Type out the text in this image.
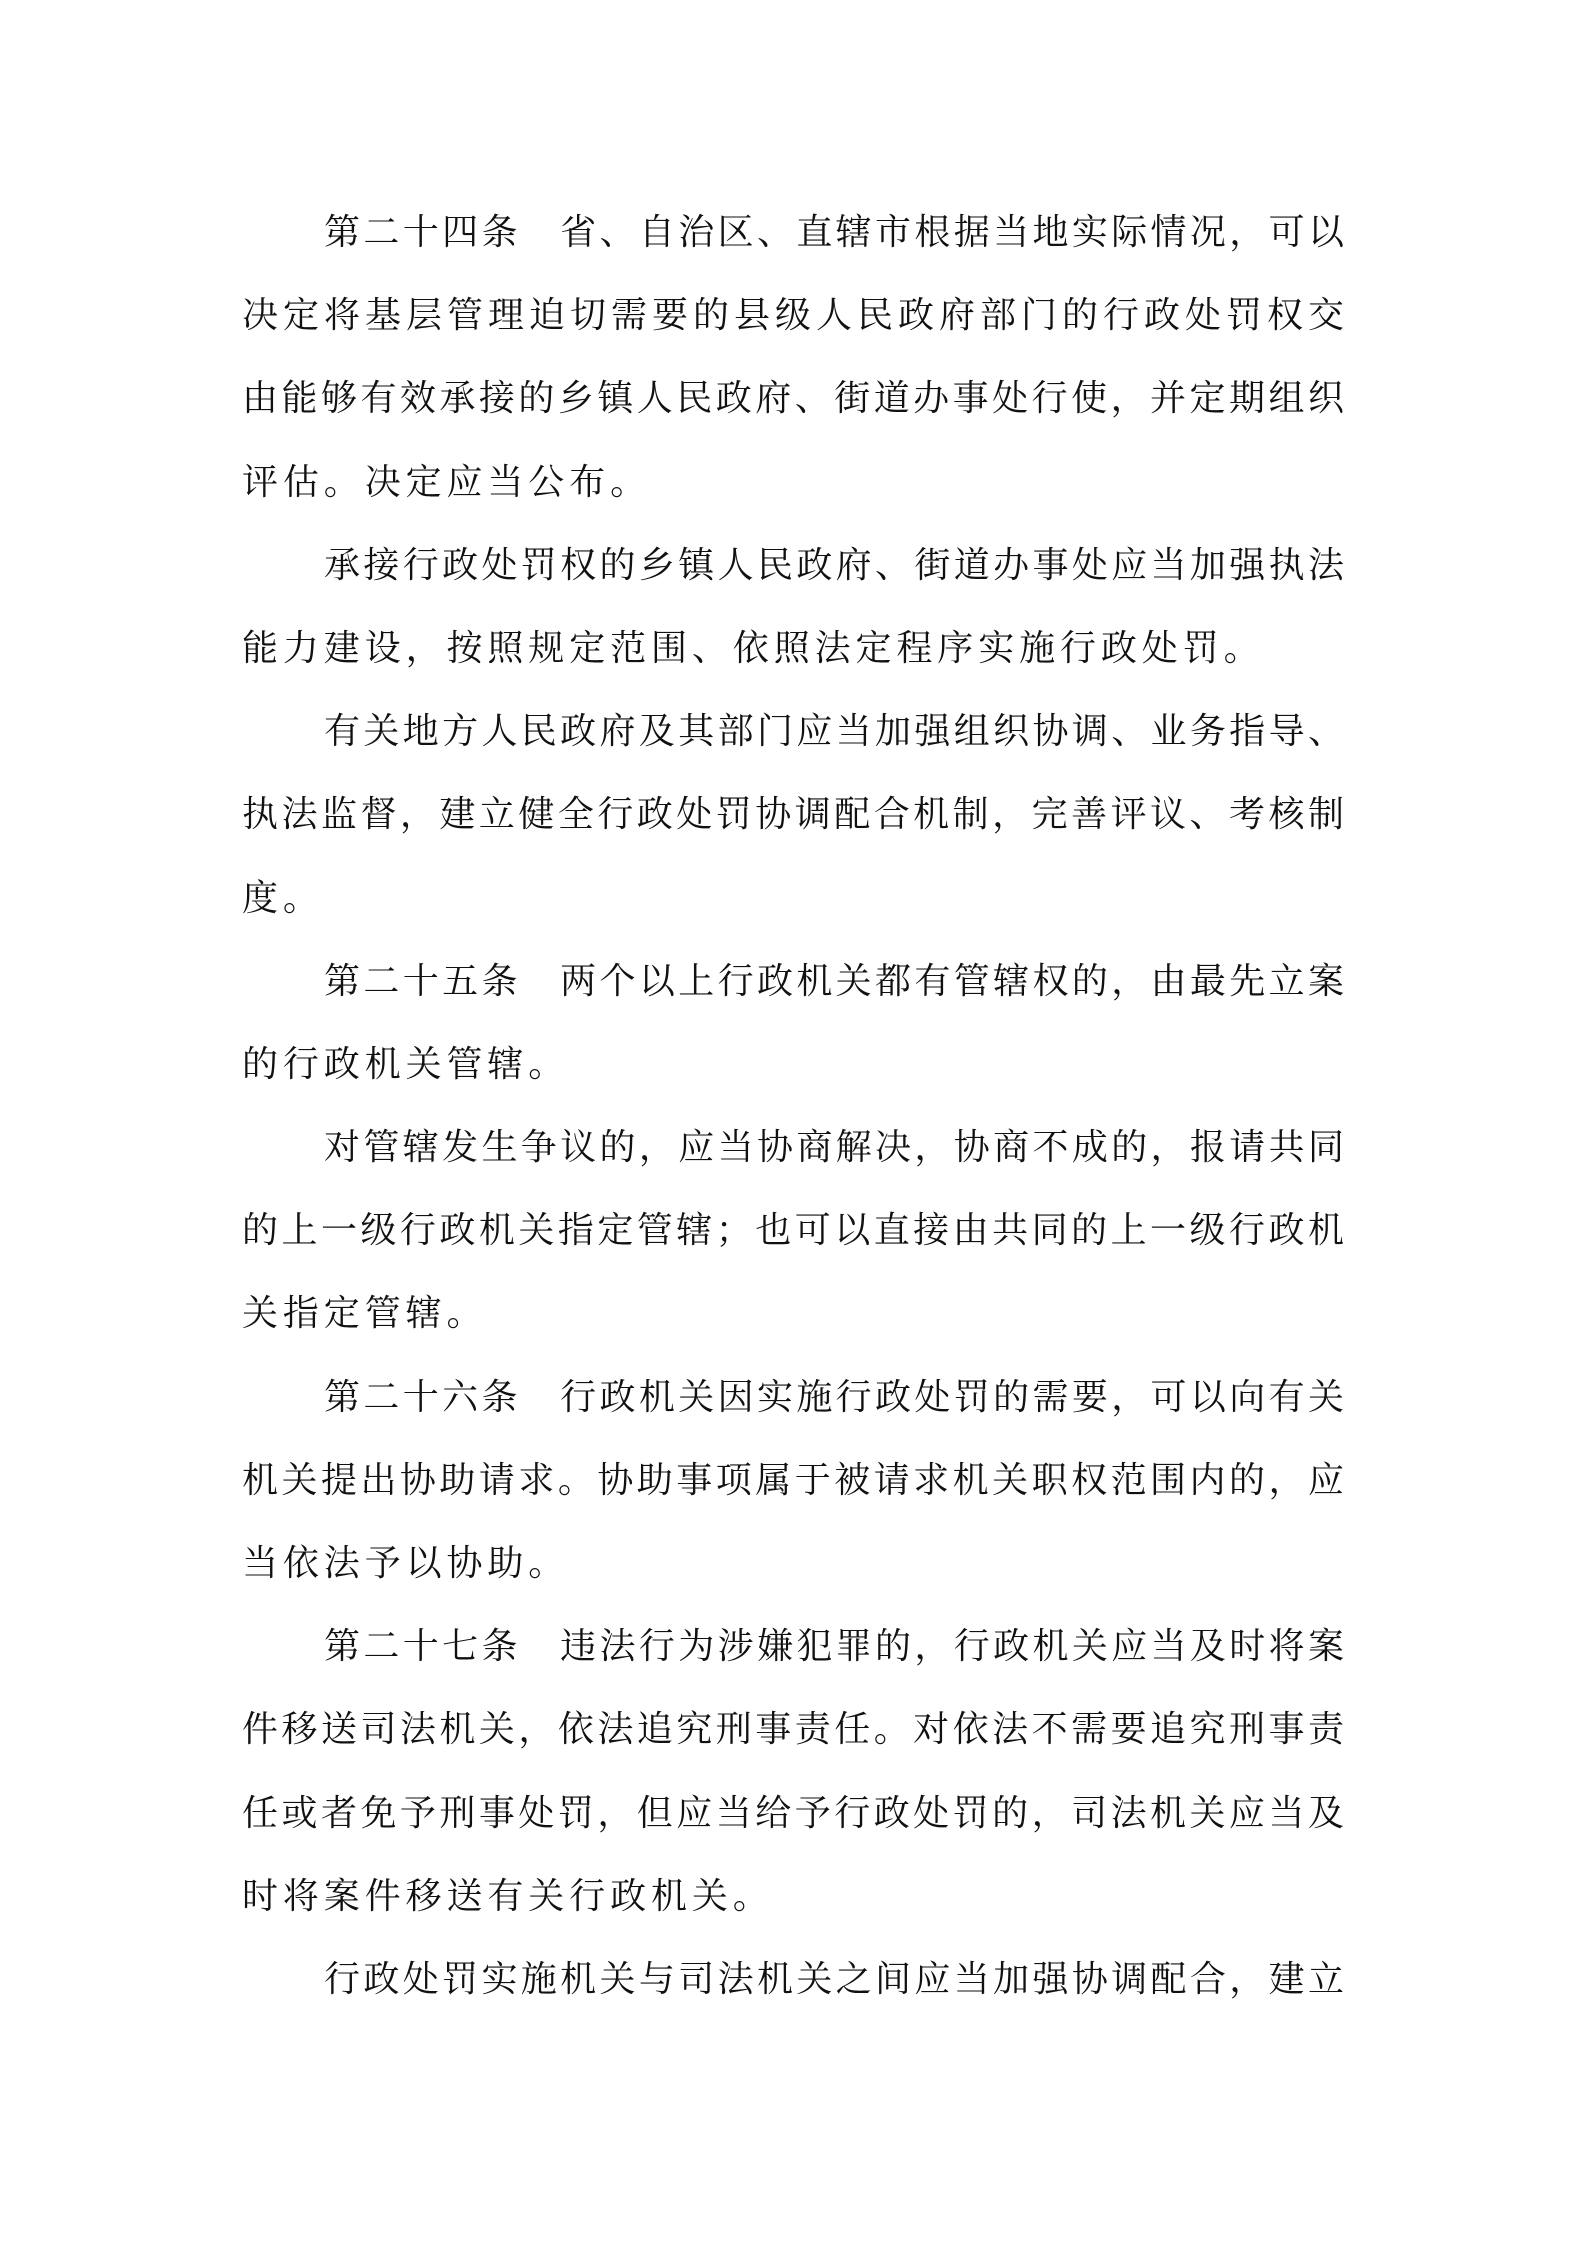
第二十四条　省、自治区、直辖市根据当地实际情况，可以
决定将基层管理迫切需要的县级人民政府部门的行政处罚权交
由能够有效承接的乡镇人民政府、街道办事处行使，并定期组织
评估。决定应当公布。
承接行政处罚权的乡镇人民政府、街道办事处应当加强执法
能力建设，按照规定范围、依照法定程序实施行政处罚。
有关地方人民政府及其部门应当加强组织协调、业务指导、
执法监督，建立健全行政处罚协调配合机制，完善评议、考核制
度。
第二十五条　两个以上行政机关都有管辖权的，由最先立案
的行政机关管辖。
对管辖发生争议的，应当协商解决，协商不成的，报请共同
的上一级行政机关指定管辖；也可以直接由共同的上一级行政机
关指定管辖。
第二十六条　行政机关因实施行政处罚的需要，可以向有关
机关提出协助请求。协助事项属于被请求机关职权范围内的，应
当依法予以协助。
第二十七条　违法行为涉嫌犯罪的，行政机关应当及时将案
件移送司法机关，依法追究刑事责任。对依法不需要追究刑事责
任或者免予刑事处罚，但应当给予行政处罚的，司法机关应当及
时将案件移送有关行政机关。
行政处罚实施机关与司法机关之间应当加强协调配合，建立
